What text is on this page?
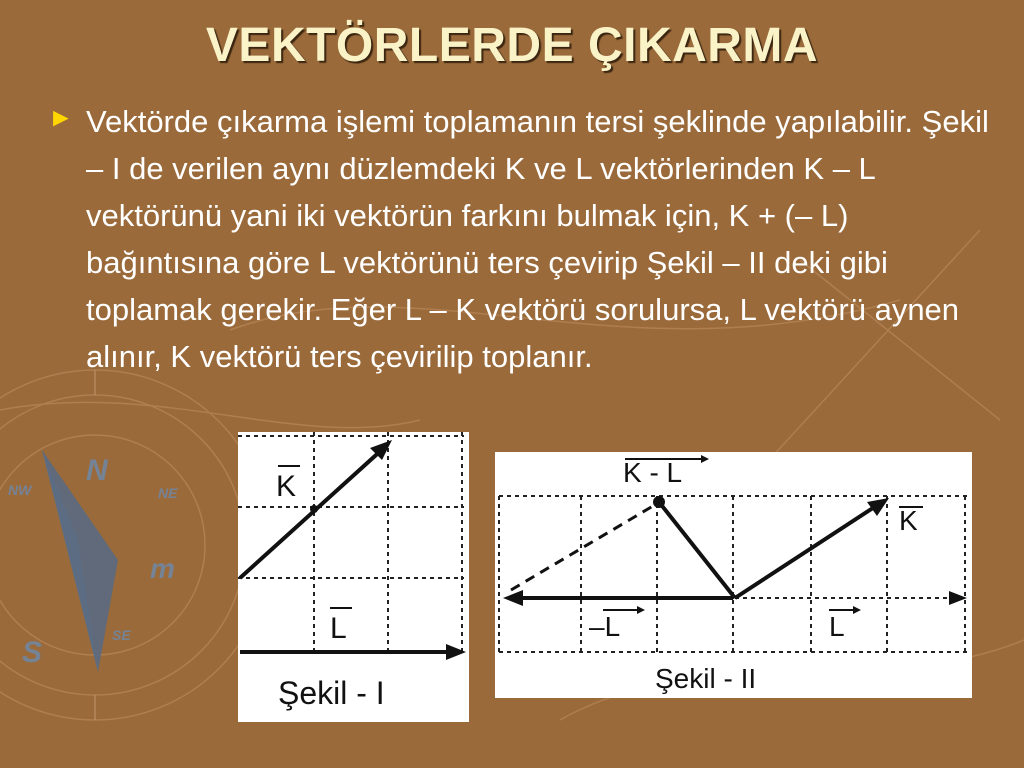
N
S
NW	NE
SE
m
VEKTÖRLERDE ÇIKARMA
► Vektörde çıkarma işlemi toplamanın tersi şeklinde yapılabilir. Şekil – I de verilen aynı düzlemdeki K ve L vektörlerinden K – L vektörünü yani iki vektörün farkını bulmak için, K + (– L) bağıntısına göre L vektörünü ters çevirip Şekil – II deki gibi toplamak gerekir. Eğer L – K vektörü sorulursa, L vektörü aynen alınır, K vektörü ters çevirilip toplanır.
K
L
Şekil - I
K - L
K
–L	L
Şekil - II
